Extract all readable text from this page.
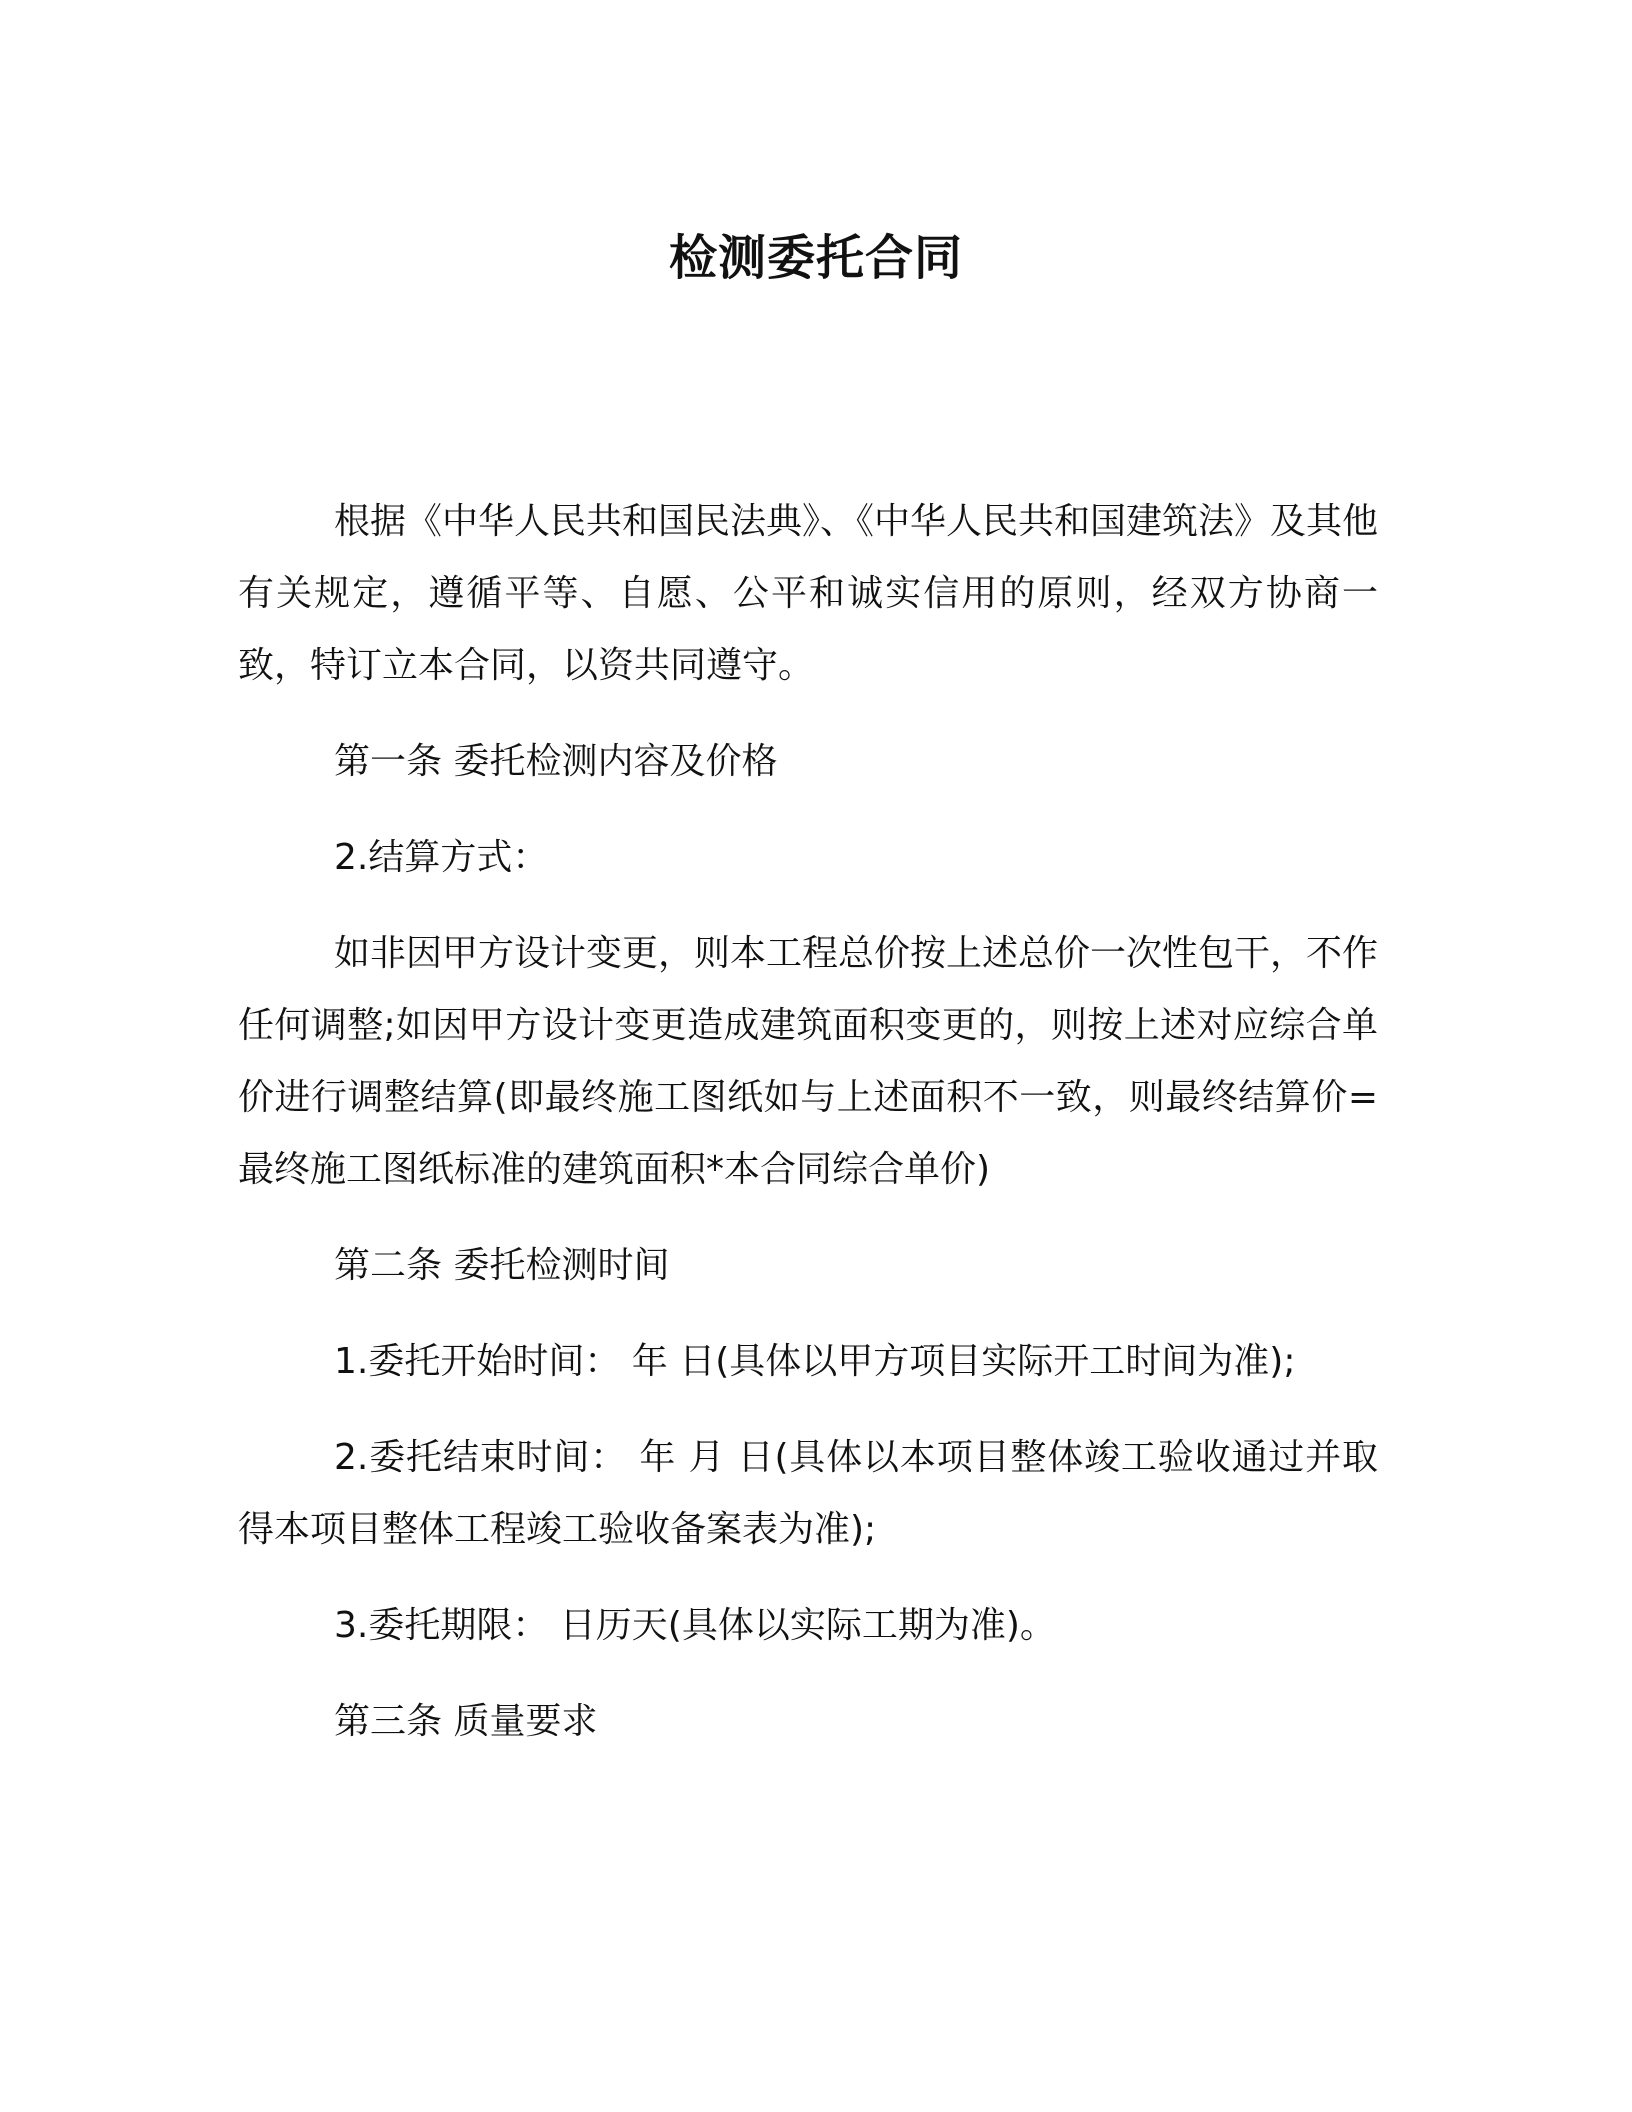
检测委托合同

根据《中华人民共和国民法典》、《中华人民共和国建筑法》及其他有关规定，遵循平等、自愿、公平和诚实信用的原则，经双方协商一致，特订立本合同，以资共同遵守。

第一条 委托检测内容及价格

2.结算方式：

如非因甲方设计变更，则本工程总价按上述总价一次性包干，不作任何调整;如因甲方设计变更造成建筑面积变更的，则按上述对应综合单价进行调整结算(即最终施工图纸如与上述面积不一致，则最终结算价=最终施工图纸标准的建筑面积*本合同综合单价)

第二条 委托检测时间

1.委托开始时间： 年 日(具体以甲方项目实际开工时间为准);

2.委托结束时间： 年 月 日(具体以本项目整体竣工验收通过并取得本项目整体工程竣工验收备案表为准);

3.委托期限： 日历天(具体以实际工期为准)。

第三条 质量要求
